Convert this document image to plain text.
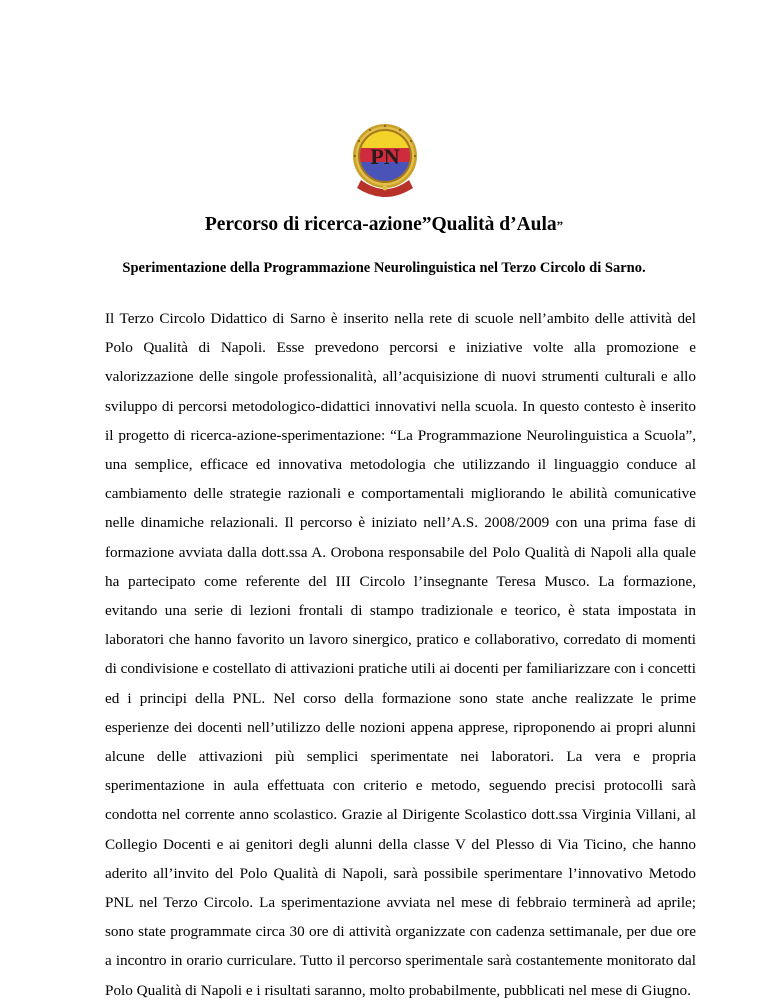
PN
Percorso di ricerca-azione”Qualità d’Aula”
Sperimentazione della Programmazione Neurolinguistica nel Terzo Circolo di Sarno.

Il Terzo Circolo Didattico di Sarno è inserito nella rete di scuole nell’ambito delle attività del Polo Qualità di Napoli. Esse prevedono percorsi e iniziative volte alla promozione e valorizzazione delle singole professionalità, all’acquisizione di nuovi strumenti culturali e allo sviluppo di percorsi metodologico-didattici innovativi nella scuola. In questo contesto è inserito il progetto di ricerca-azione-sperimentazione: “La Programmazione Neurolinguistica a Scuola”, una semplice, efficace ed innovativa metodologia che utilizzando il linguaggio conduce al cambiamento delle strategie razionali e comportamentali migliorando le abilità comunicative nelle dinamiche relazionali. Il percorso è iniziato nell’A.S. 2008/2009 con una prima fase di formazione avviata dalla dott.ssa A. Orobona responsabile del Polo Qualità di Napoli alla quale ha partecipato come referente del III Circolo l’insegnante Teresa Musco. La formazione, evitando una serie di lezioni frontali di stampo tradizionale e teorico, è stata impostata in laboratori che hanno favorito un lavoro sinergico, pratico e collaborativo, corredato di momenti di condivisione e costellato di attivazioni pratiche utili ai docenti per familiarizzare con i concetti ed i principi della PNL. Nel corso della formazione sono state anche realizzate le prime esperienze dei docenti nell’utilizzo delle nozioni appena apprese, riproponendo ai propri alunni alcune delle attivazioni più semplici sperimentate nei laboratori. La vera e propria sperimentazione in aula effettuata con criterio e metodo, seguendo precisi protocolli sarà condotta nel corrente anno scolastico. Grazie al Dirigente Scolastico dott.ssa Virginia Villani, al Collegio Docenti e ai genitori degli alunni della classe V del Plesso di Via Ticino, che hanno aderito all’invito del Polo Qualità di Napoli, sarà possibile sperimentare l’innovativo Metodo PNL nel Terzo Circolo. La sperimentazione avviata nel mese di febbraio terminerà ad aprile; sono state programmate circa 30 ore di attività organizzate con cadenza settimanale, per due ore a incontro in orario curriculare. Tutto il percorso sperimentale sarà costantemente monitorato dal Polo Qualità di Napoli e i risultati saranno, molto probabilmente, pubblicati nel mese di Giugno.
